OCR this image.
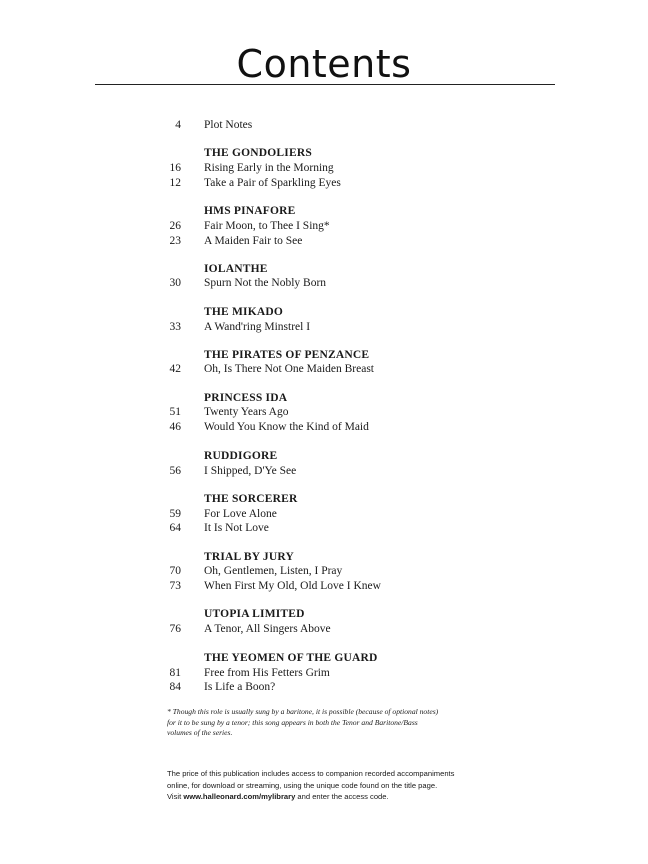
Contents
4 Plot Notes
THE GONDOLIERS
16 Rising Early in the Morning
12 Take a Pair of Sparkling Eyes
HMS PINAFORE
26 Fair Moon, to Thee I Sing*
23 A Maiden Fair to See
IOLANTHE
30 Spurn Not the Nobly Born
THE MIKADO
33 A Wand'ring Minstrel I
THE PIRATES OF PENZANCE
42 Oh, Is There Not One Maiden Breast
PRINCESS IDA
51 Twenty Years Ago
46 Would You Know the Kind of Maid
RUDDIGORE
56 I Shipped, D'Ye See
THE SORCERER
59 For Love Alone
64 It Is Not Love
TRIAL BY JURY
70 Oh, Gentlemen, Listen, I Pray
73 When First My Old, Old Love I Knew
UTOPIA LIMITED
76 A Tenor, All Singers Above
THE YEOMEN OF THE GUARD
81 Free from His Fetters Grim
84 Is Life a Boon?

* Though this role is usually sung by a baritone, it is possible (because of optional notes)
for it to be sung by a tenor; this song appears in both the Tenor and Baritone/Bass
volumes of the series.

The price of this publication includes access to companion recorded accompaniments
online, for download or streaming, using the unique code found on the title page.
Visit www.halleonard.com/mylibrary and enter the access code.
